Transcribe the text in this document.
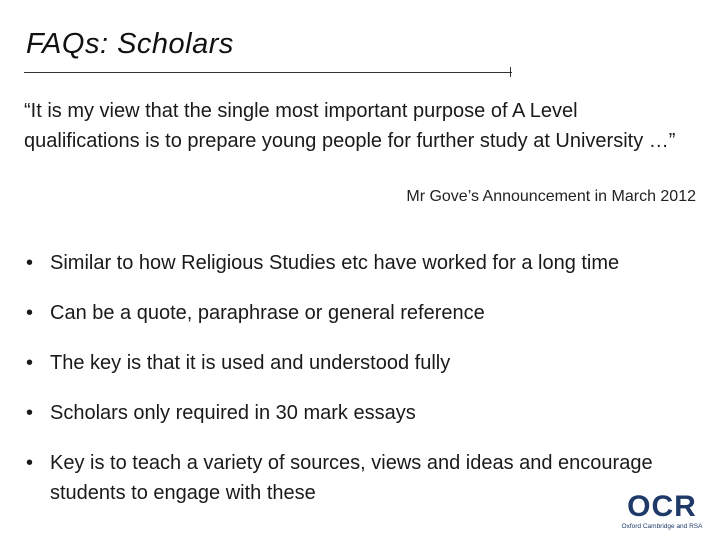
FAQs: Scholars

“It is my view that the single most important purpose of A Level qualifications is to prepare young people for further study at University …”

Mr Gove’s Announcement in March 2012
• Similar to how Religious Studies etc have worked for a long time
• Can be a quote, paraphrase or general reference
• The key is that it is used and understood fully
• Scholars only required in 30 mark essays
• Key is to teach a variety of sources, views and ideas and encourage students to engage with these	OCR
Oxford Cambridge and RSA
